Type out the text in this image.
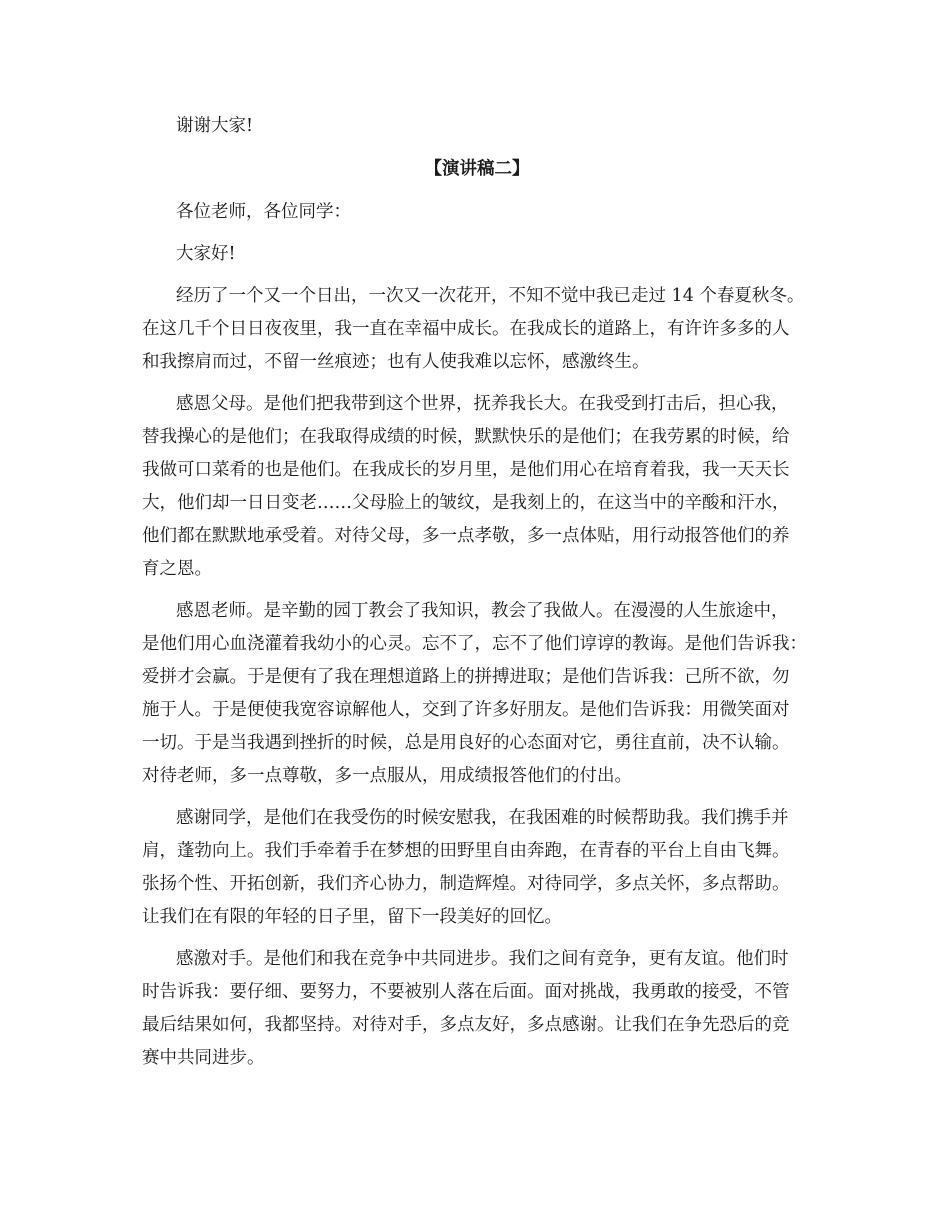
谢谢大家!
【演讲稿二】
各位老师，各位同学：
大家好!
经历了一个又一个日出，一次又一次花开，不知不觉中我已走过 14 个春夏秋冬。
在这几千个日日夜夜里，我一直在幸福中成长。在我成长的道路上，有许许多多的人
和我擦肩而过，不留一丝痕迹；也有人使我难以忘怀，感激终生。
感恩父母。是他们把我带到这个世界，抚养我长大。在我受到打击后，担心我，
替我操心的是他们；在我取得成绩的时候，默默快乐的是他们；在我劳累的时候，给
我做可口菜肴的也是他们。在我成长的岁月里，是他们用心在培育着我，我一天天长
大，他们却一日日变老……父母脸上的皱纹，是我刻上的，在这当中的辛酸和汗水，
他们都在默默地承受着。对待父母，多一点孝敬，多一点体贴，用行动报答他们的养
育之恩。
感恩老师。是辛勤的园丁教会了我知识，教会了我做人。在漫漫的人生旅途中，
是他们用心血浇灌着我幼小的心灵。忘不了，忘不了他们谆谆的教诲。是他们告诉我：
爱拼才会赢。于是便有了我在理想道路上的拼搏进取；是他们告诉我：己所不欲，勿
施于人。于是便使我宽容谅解他人，交到了许多好朋友。是他们告诉我：用微笑面对
一切。于是当我遇到挫折的时候，总是用良好的心态面对它，勇往直前，决不认输。
对待老师，多一点尊敬，多一点服从，用成绩报答他们的付出。
感谢同学，是他们在我受伤的时候安慰我，在我困难的时候帮助我。我们携手并
肩，蓬勃向上。我们手牵着手在梦想的田野里自由奔跑，在青春的平台上自由飞舞。
张扬个性、开拓创新，我们齐心协力，制造辉煌。对待同学，多点关怀，多点帮助。
让我们在有限的年轻的日子里，留下一段美好的回忆。
感激对手。是他们和我在竞争中共同进步。我们之间有竞争，更有友谊。他们时
时告诉我：要仔细、要努力，不要被别人落在后面。面对挑战，我勇敢的接受，不管
最后结果如何，我都坚持。对待对手，多点友好，多点感谢。让我们在争先恐后的竞
赛中共同进步。
